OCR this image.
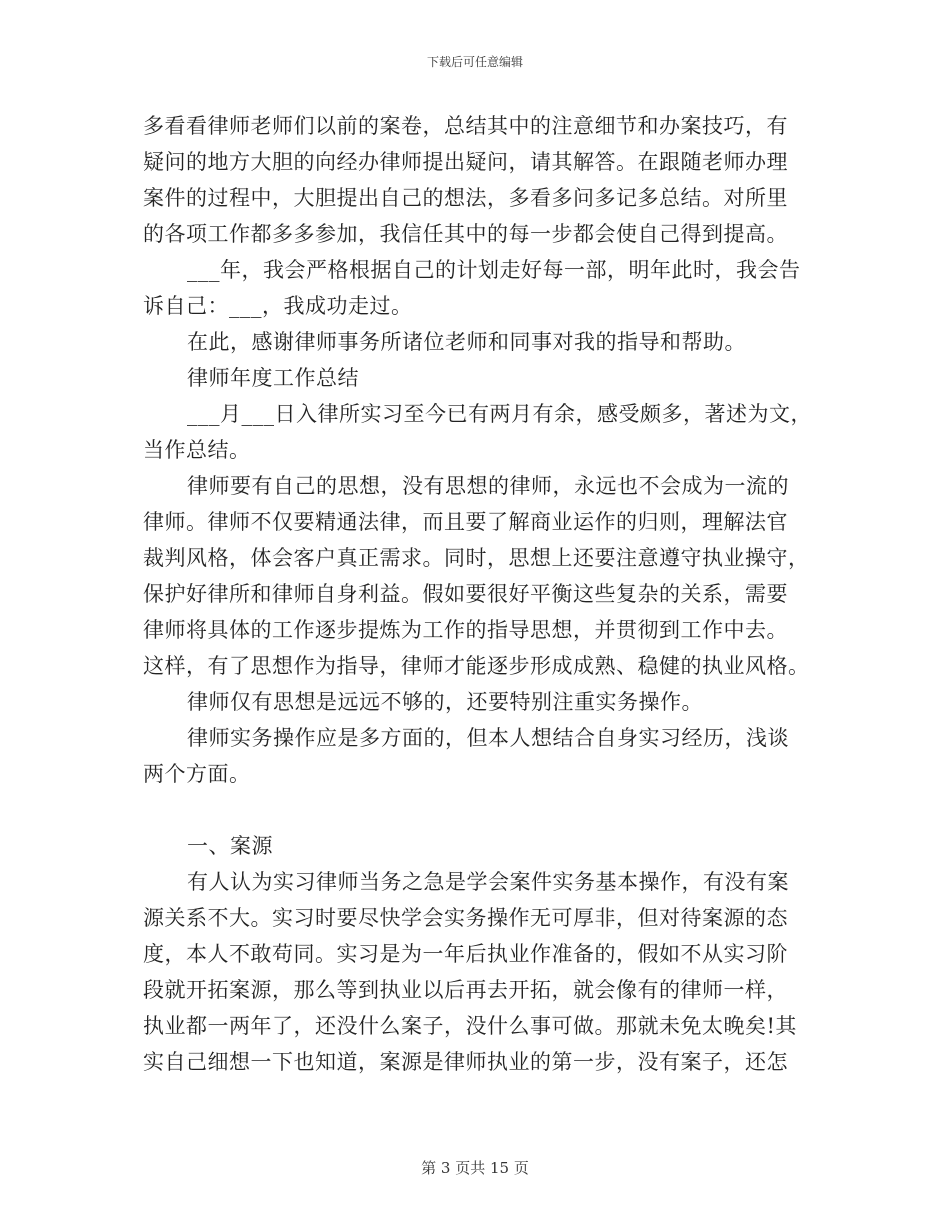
下载后可任意编辑
多看看律师老师们以前的案卷，总结其中的注意细节和办案技巧，有
疑问的地方大胆的向经办律师提出疑问，请其解答。在跟随老师办理
案件的过程中，大胆提出自己的想法，多看多问多记多总结。对所里
的各项工作都多多参加，我信任其中的每一步都会使自己得到提高。
___年，我会严格根据自己的计划走好每一部，明年此时，我会告
诉自己：___，我成功走过。
在此，感谢律师事务所诸位老师和同事对我的指导和帮助。
律师年度工作总结
___月___日入律所实习至今已有两月有余，感受颇多，著述为文，
当作总结。
律师要有自己的思想，没有思想的律师，永远也不会成为一流的
律师。律师不仅要精通法律，而且要了解商业运作的归则，理解法官
裁判风格，体会客户真正需求。同时，思想上还要注意遵守执业操守，
保护好律所和律师自身利益。假如要很好平衡这些复杂的关系，需要
律师将具体的工作逐步提炼为工作的指导思想，并贯彻到工作中去。
这样，有了思想作为指导，律师才能逐步形成成熟、稳健的执业风格。
律师仅有思想是远远不够的，还要特别注重实务操作。
律师实务操作应是多方面的，但本人想结合自身实习经历，浅谈
两个方面。
一、案源
有人认为实习律师当务之急是学会案件实务基本操作，有没有案
源关系不大。实习时要尽快学会实务操作无可厚非，但对待案源的态
度，本人不敢苟同。实习是为一年后执业作准备的，假如不从实习阶
段就开拓案源，那么等到执业以后再去开拓，就会像有的律师一样，
执业都一两年了，还没什么案子，没什么事可做。那就未免太晚矣!其
实自己细想一下也知道，案源是律师执业的第一步，没有案子，还怎
第 3 页共 15 页
